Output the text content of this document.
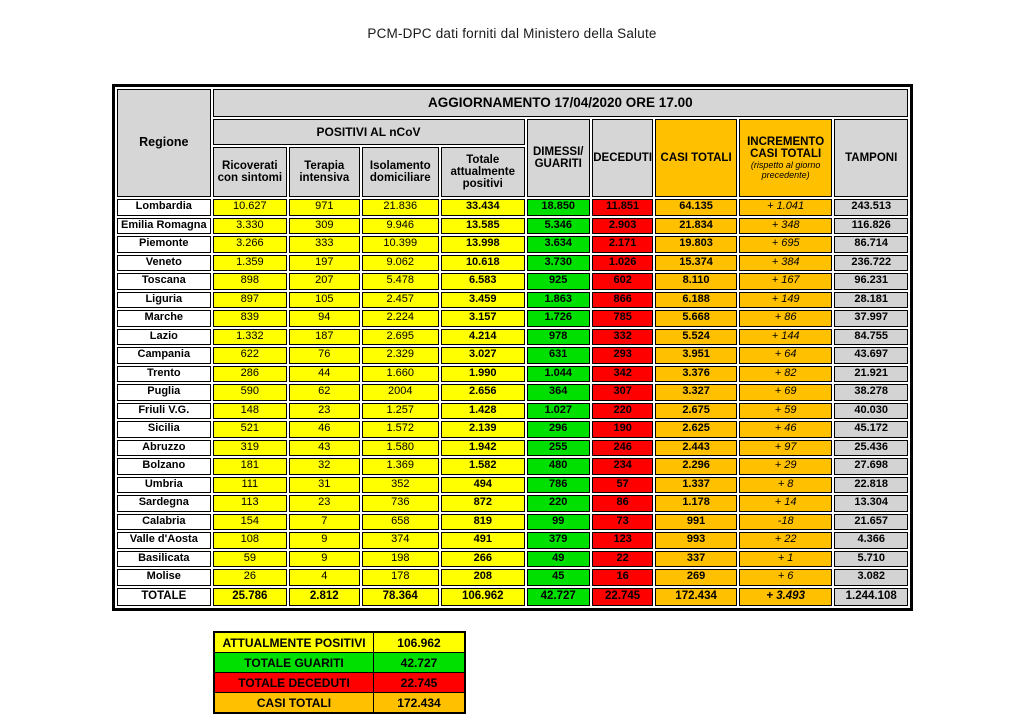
PCM-DPC dati forniti dal Ministero della Salute
Regione	AGGIORNAMENTO 17/04/2020 ORE 17.00								
	POSITIVI AL nCoV				DIMESSI/ GUARITI	DECEDUTI	CASI TOTALI	INCREMENTO CASI TOTALI
(rispetto al giorno precedente)	TAMPONI
	Ricoverati con sintomi	Terapia intensiva	Isolamento domiciliare	Totale attualmente positivi					
Lombardia	10.627	971	21.836	33.434	18.850	11.851	64.135	+ 1.041	243.513
Emilia Romagna	3.330	309	9.946	13.585	5.346	2.903	21.834	+ 348	116.826
Piemonte	3.266	333	10.399	13.998	3.634	2.171	19.803	+ 695	86.714
Veneto	1.359	197	9.062	10.618	3.730	1.026	15.374	+ 384	236.722
Toscana	898	207	5.478	6.583	925	602	8.110	+ 167	96.231
Liguria	897	105	2.457	3.459	1.863	866	6.188	+ 149	28.181
Marche	839	94	2.224	3.157	1.726	785	5.668	+ 86	37.997
Lazio	1.332	187	2.695	4.214	978	332	5.524	+ 144	84.755
Campania	622	76	2.329	3.027	631	293	3.951	+ 64	43.697
Trento	286	44	1.660	1.990	1.044	342	3.376	+ 82	21.921
Puglia	590	62	2004	2.656	364	307	3.327	+ 69	38.278
Friuli V.G.	148	23	1.257	1.428	1.027	220	2.675	+ 59	40.030
Sicilia	521	46	1.572	2.139	296	190	2.625	+ 46	45.172
Abruzzo	319	43	1.580	1.942	255	246	2.443	+ 97	25.436
Bolzano	181	32	1.369	1.582	480	234	2.296	+ 29	27.698
Umbria	111	31	352	494	786	57	1.337	+ 8	22.818
Sardegna	113	23	736	872	220	86	1.178	+ 14	13.304
Calabria	154	7	658	819	99	73	991	-18	21.657
Valle d'Aosta	108	9	374	491	379	123	993	+ 22	4.366
Basilicata	59	9	198	266	49	22	337	+ 1	5.710
Molise	26	4	178	208	45	16	269	+ 6	3.082
TOTALE	25.786	2.812	78.364	106.962	42.727	22.745	172.434	+ 3.493	1.244.108
ATTUALMENTE POSITIVI	106.962
TOTALE GUARITI	42.727
TOTALE DECEDUTI	22.745
CASI TOTALI	172.434
